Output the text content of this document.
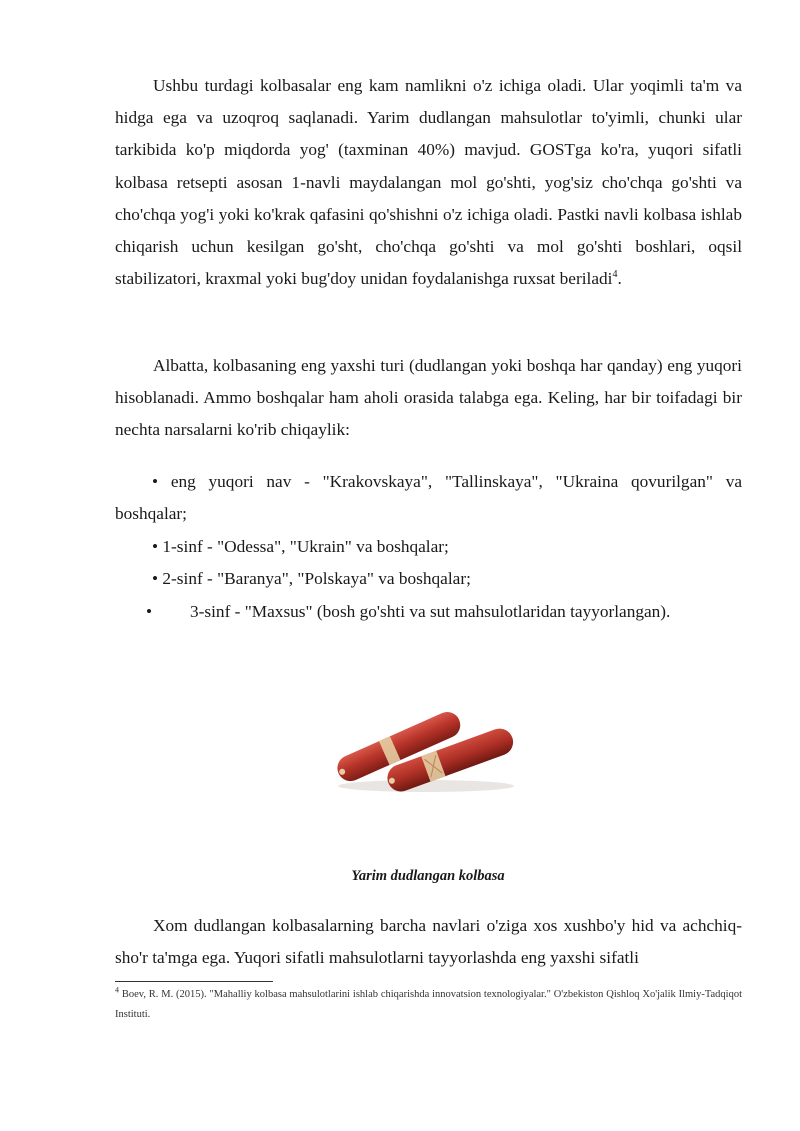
Ushbu turdagi kolbasalar eng kam namlikni o'z ichiga oladi. Ular yoqimli ta'm va hidga ega va uzoqroq saqlanadi. Yarim dudlangan mahsulotlar to'yimli, chunki ular tarkibida ko'p miqdorda yog' (taxminan 40%) mavjud. GOSTga ko'ra, yuqori sifatli kolbasa retsepti asosan 1-navli maydalangan mol go'shti, yog'siz cho'chqa go'shti va cho'chqa yog'i yoki ko'krak qafasini qo'shishni o'z ichiga oladi. Pastki navli kolbasa ishlab chiqarish uchun kesilgan go'sht, cho'chqa go'shti va mol go'shti boshlari, oqsil stabilizatori, kraxmal yoki bug'doy unidan foydalanishga ruxsat beriladi$^4$.

Albatta, kolbasaning eng yaxshi turi (dudlangan yoki boshqa har qanday) eng yuqori hisoblanadi. Ammo boshqalar ham aholi orasida talabga ega. Keling, har bir toifadagi bir nechta narsalarni ko'rib chiqaylik:

• eng yuqori nav - "Krakovskaya", "Tallinskaya", "Ukraina qovurilgan" va boshqalar;

• 1-sinf - "Odessa", "Ukrain" va boshqalar;

• 2-sinf - "Baranya", "Polskaya" va boshqalar;

• 3-sinf - "Maxsus" (bosh go'shti va sut mahsulotlaridan tayyorlangan).

Yarim dudlangan kolbasa

Xom dudlangan kolbasalarning barcha navlari o'ziga xos xushbo'y hid va achchiq-sho'r ta'mga ega. Yuqori sifatli mahsulotlarni tayyorlashda eng yaxshi sifatli

$^4$ Boev, R. M. (2015). "Mahalliy kolbasa mahsulotlarini ishlab chiqarishda innovatsion texnologiyalar." O'zbekiston Qishloq Xo'jalik Ilmiy-Tadqiqot Instituti.
